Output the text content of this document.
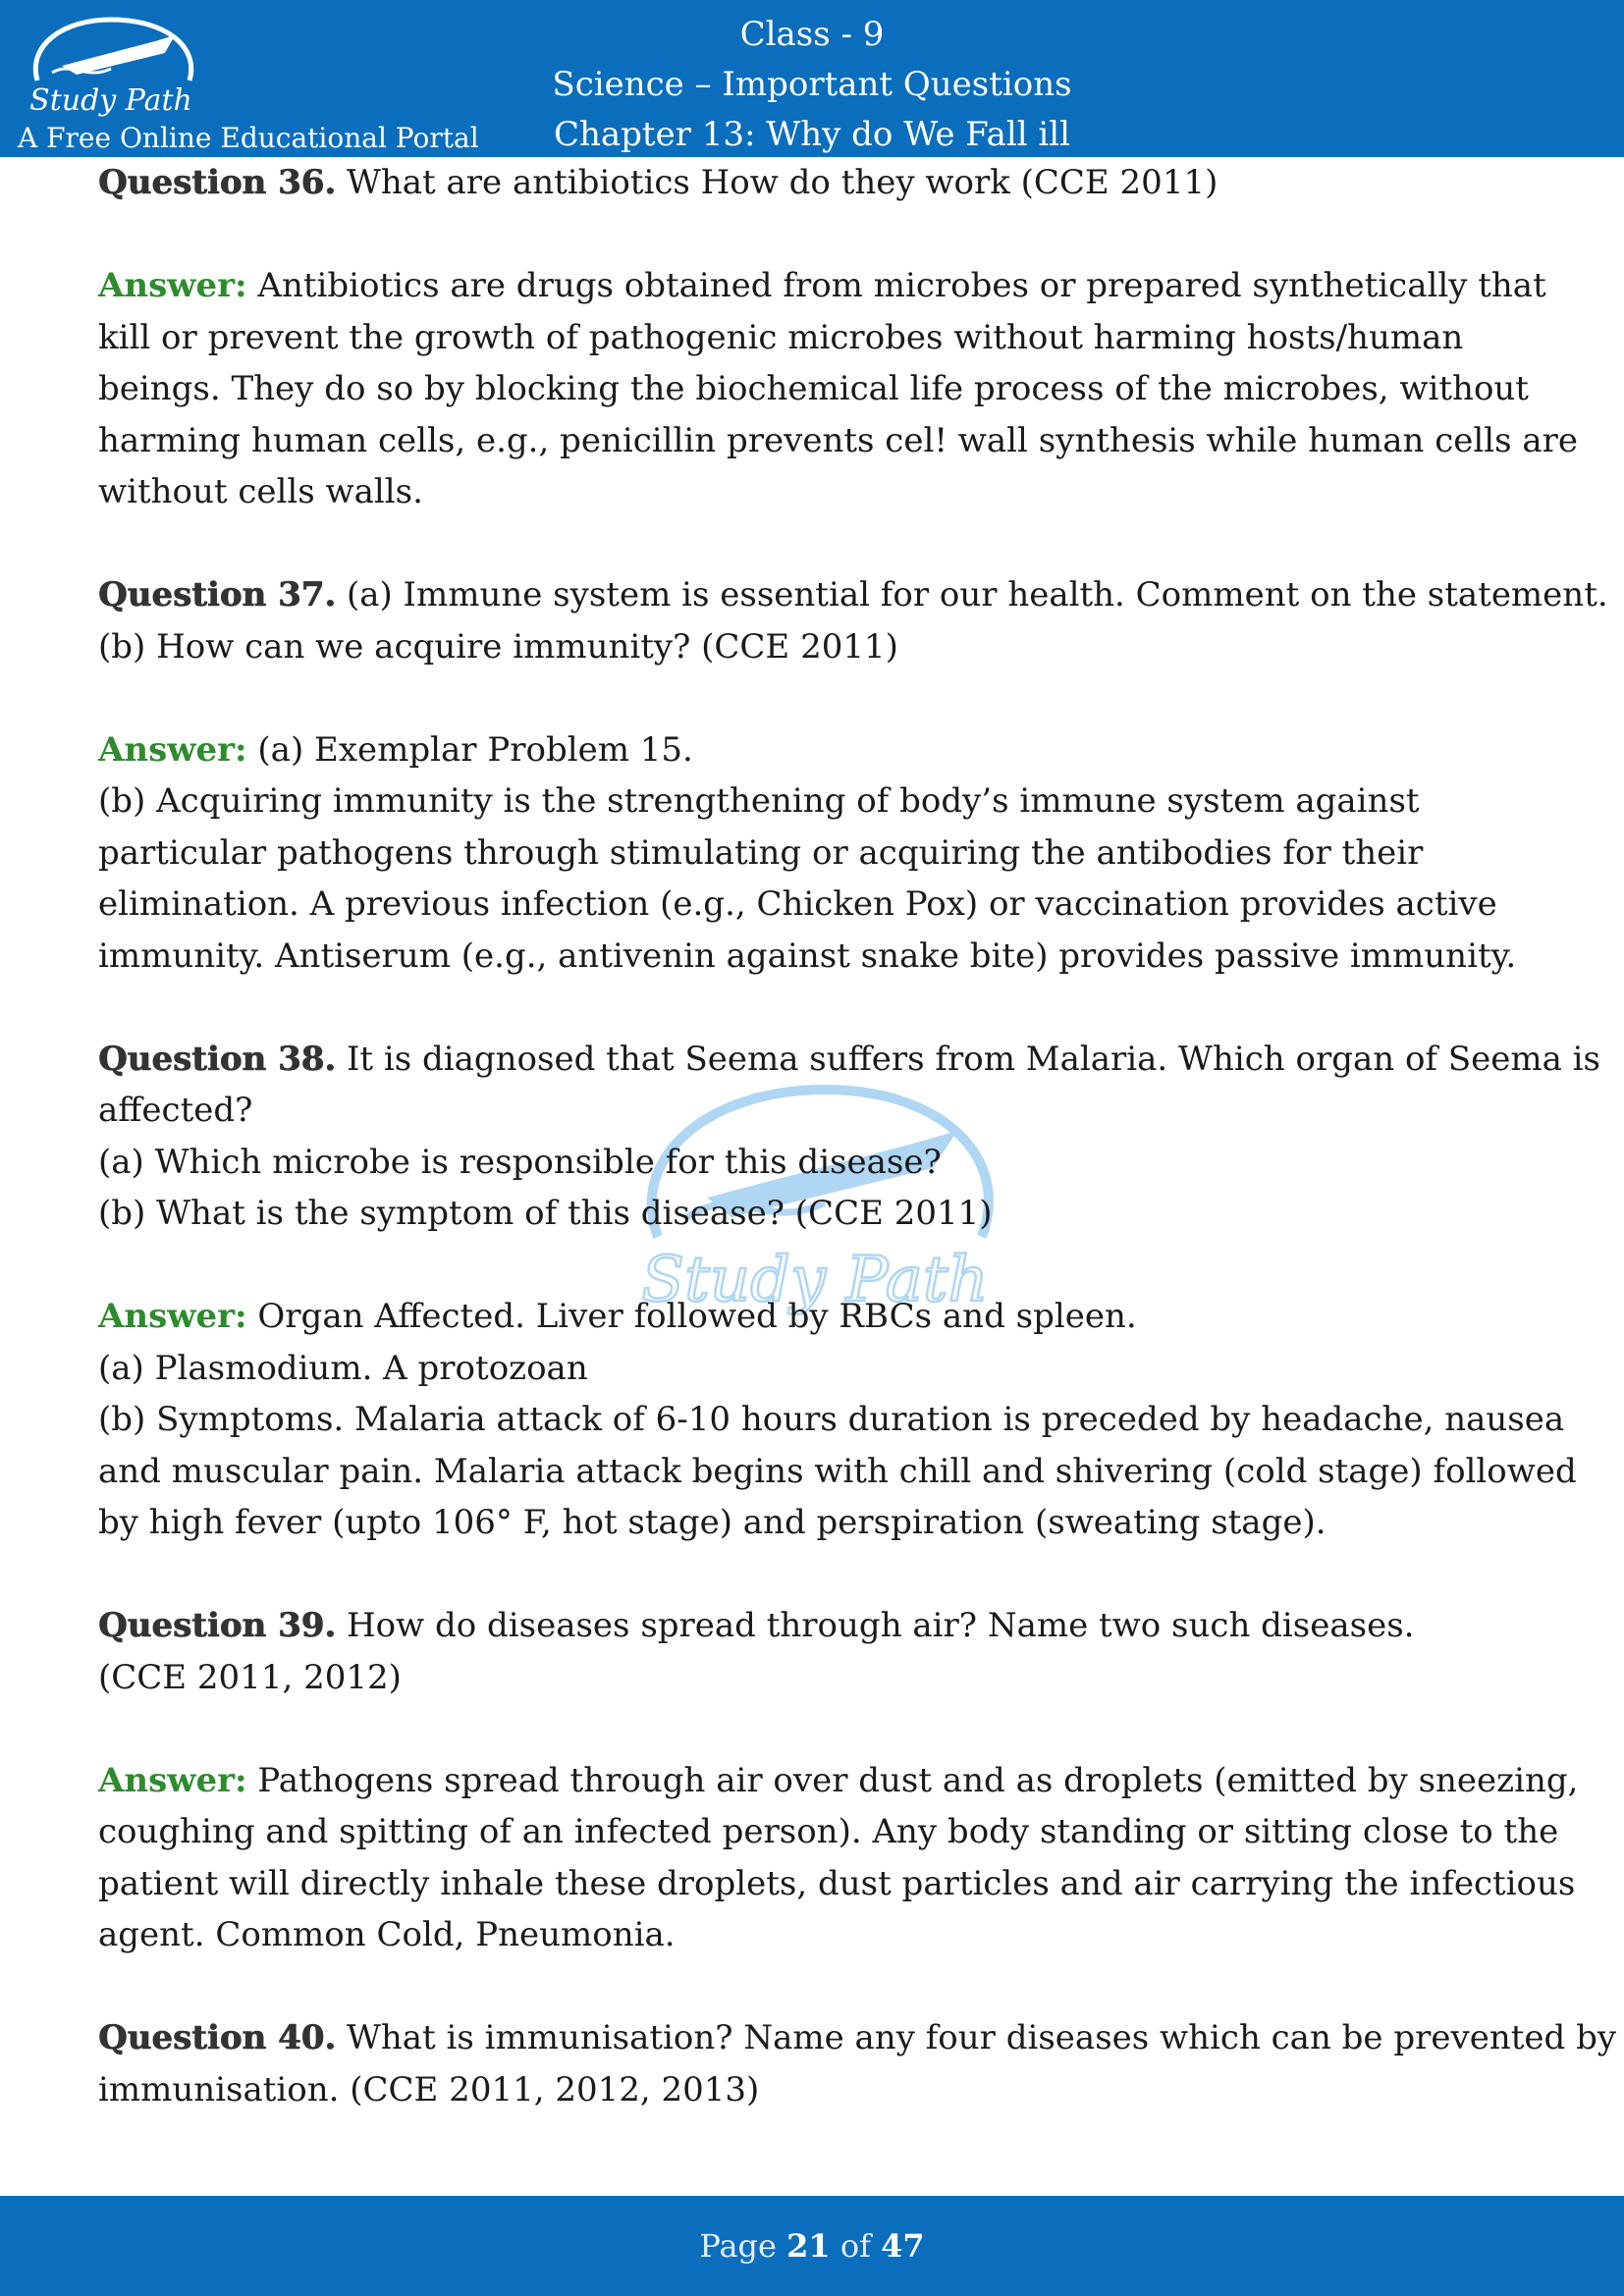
Study Path
A Free Online Educational Portal
Class - 9
Science – Important Questions
Chapter 13: Why do We Fall ill
Study Path
Question 36. What are antibiotics How do they work (CCE 2011)
Answer: Antibiotics are drugs obtained from microbes or prepared synthetically that
kill or prevent the growth of pathogenic microbes without harming hosts/human
beings. They do so by blocking the biochemical life process of the microbes, without
harming human cells, e.g., penicillin prevents cel! wall synthesis while human cells are
without cells walls.
Question 37. (a) Immune system is essential for our health. Comment on the statement.
(b) How can we acquire immunity? (CCE 2011)
Answer: (a) Exemplar Problem 15.
(b) Acquiring immunity is the strengthening of body’s immune system against
particular pathogens through stimulating or acquiring the antibodies for their
elimination. A previous infection (e.g., Chicken Pox) or vaccination provides active
immunity. Antiserum (e.g., antivenin against snake bite) provides passive immunity.
Question 38. It is diagnosed that Seema suffers from Malaria. Which organ of Seema is
affected?
(a) Which microbe is responsible for this disease?
(b) What is the symptom of this disease? (CCE 2011)
Answer: Organ Affected. Liver followed by RBCs and spleen.
(a) Plasmodium. A protozoan
(b) Symptoms. Malaria attack of 6-10 hours duration is preceded by headache, nausea
and muscular pain. Malaria attack begins with chill and shivering (cold stage) followed
by high fever (upto 106° F, hot stage) and perspiration (sweating stage).
Question 39. How do diseases spread through air? Name two such diseases.
(CCE 2011, 2012)
Answer: Pathogens spread through air over dust and as droplets (emitted by sneezing,
coughing and spitting of an infected person). Any body standing or sitting close to the
patient will directly inhale these droplets, dust particles and air carrying the infectious
agent. Common Cold, Pneumonia.
Question 40. What is immunisation? Name any four diseases which can be prevented by
immunisation. (CCE 2011, 2012, 2013)
Page 21 of 47
